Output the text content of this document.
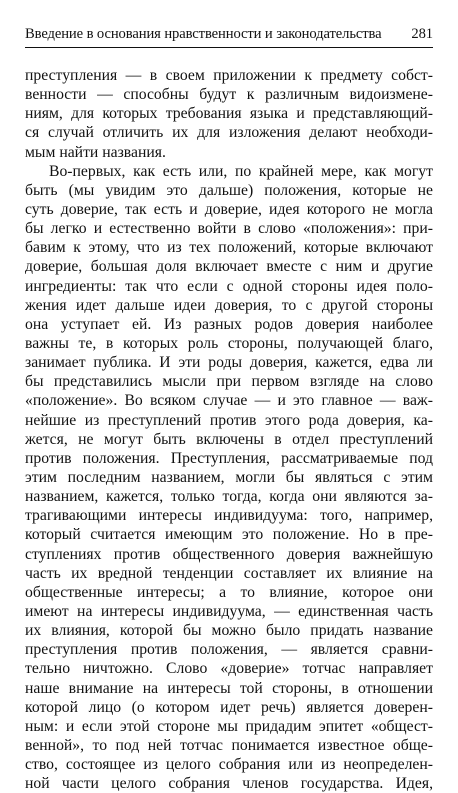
Введение в основания нравственности и законодательства 281
преступления — в своем приложении к предмету собст-
венности — способны будут к различным видоизмене-
ниям, для которых требования языка и представляющий-
ся случай отличить их для изложения делают необходи-
мым найти названия.
Во-первых, как есть или, по крайней мере, как могут
быть (мы увидим это дальше) положения, которые не
суть доверие, так есть и доверие, идея которого не могла
бы легко и естественно войти в слово «положения»: при-
бавим к этому, что из тех положений, которые включают
доверие, большая доля включает вместе с ним и другие
ингредиенты: так что если с одной стороны идея поло-
жения идет дальше идеи доверия, то с другой стороны
она уступает ей. Из разных родов доверия наиболее
важны те, в которых роль стороны, получающей благо,
занимает публика. И эти роды доверия, кажется, едва ли
бы представились мысли при первом взгляде на слово
«положение». Во всяком случае — и это главное — важ-
нейшие из преступлений против этого рода доверия, ка-
жется, не могут быть включены в отдел преступлений
против положения. Преступления, рассматриваемые под
этим последним названием, могли бы являться с этим
названием, кажется, только тогда, когда они являются за-
трагивающими интересы индивидуума: того, например,
который считается имеющим это положение. Но в пре-
ступлениях против общественного доверия важнейшую
часть их вредной тенденции составляет их влияние на
общественные интересы; а то влияние, которое они
имеют на интересы индивидуума, — единственная часть
их влияния, которой бы можно было придать название
преступления против положения, — является сравни-
тельно ничтожно. Слово «доверие» тотчас направляет
наше внимание на интересы той стороны, в отношении
которой лицо (о котором идет речь) является доверен-
ным: и если этой стороне мы придадим эпитет «общест-
венной», то под ней тотчас понимается известное обще-
ство, состоящее из целого собрания или из неопределен-
ной части целого собрания членов государства. Идея,
